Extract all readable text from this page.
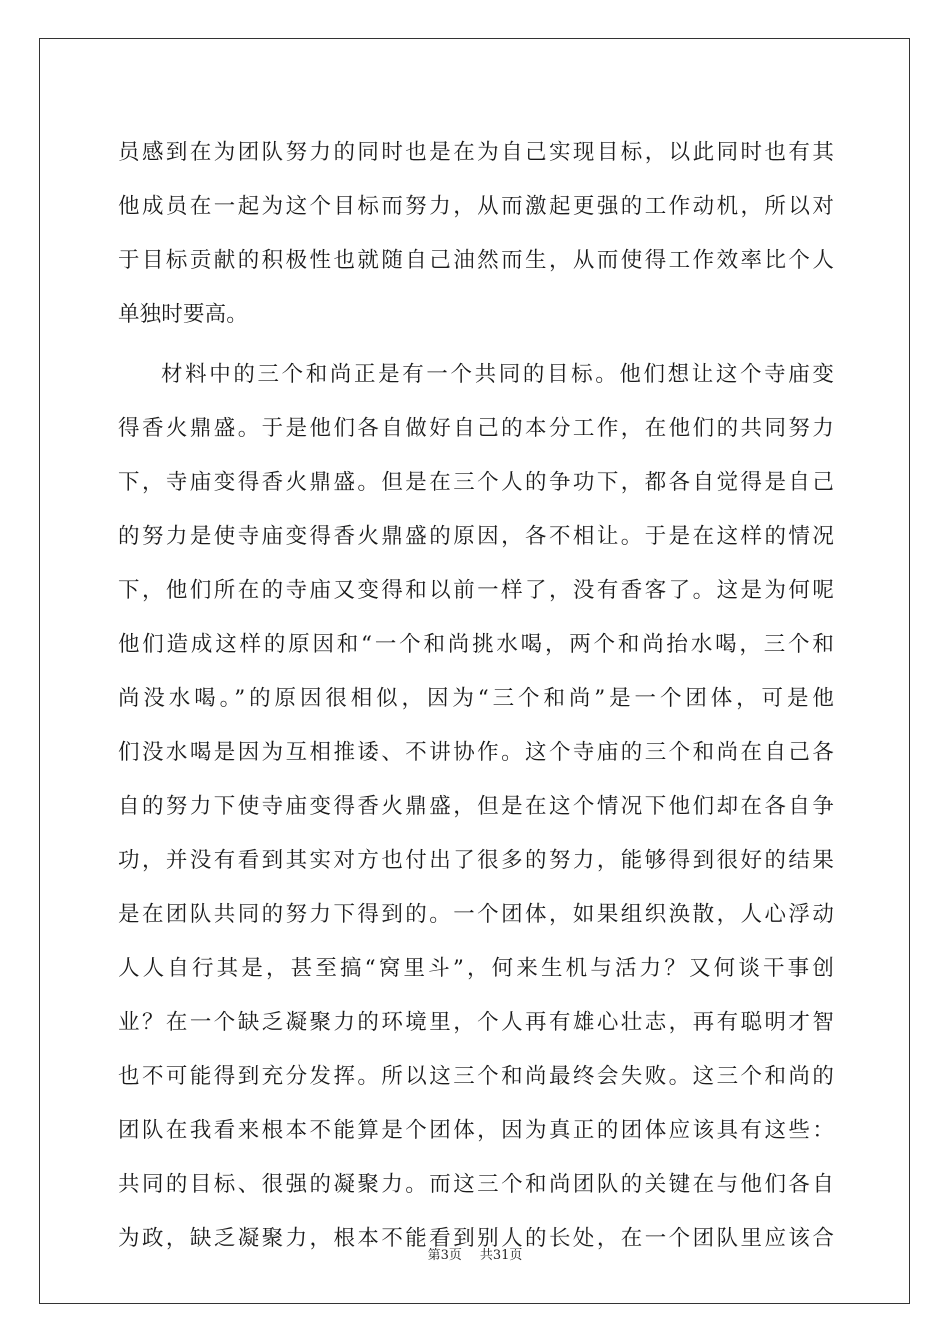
员感到在为团队努力的同时也是在为自己实现目标，以此同时也有其
他成员在一起为这个目标而努力，从而激起更强的工作动机，所以对
于目标贡献的积极性也就随自己油然而生，从而使得工作效率比个人
单独时要高。
材料中的三个和尚正是有一个共同的目标。他们想让这个寺庙变
得香火鼎盛。于是他们各自做好自己的本分工作，在他们的共同努力
下，寺庙变得香火鼎盛。但是在三个人的争功下，都各自觉得是自己
的努力是使寺庙变得香火鼎盛的原因，各不相让。于是在这样的情况
下，他们所在的寺庙又变得和以前一样了，没有香客了。这是为何呢
他们造成这样的原因和“一个和尚挑水喝，两个和尚抬水喝，三个和
尚没水喝。”的原因很相似，因为“三个和尚”是一个团体，可是他
们没水喝是因为互相推诿、不讲协作。这个寺庙的三个和尚在自己各
自的努力下使寺庙变得香火鼎盛，但是在这个情况下他们却在各自争
功，并没有看到其实对方也付出了很多的努力，能够得到很好的结果
是在团队共同的努力下得到的。一个团体，如果组织涣散，人心浮动
人人自行其是，甚至搞“窝里斗”，何来生机与活力？又何谈干事创
业？在一个缺乏凝聚力的环境里，个人再有雄心壮志，再有聪明才智
也不可能得到充分发挥。所以这三个和尚最终会失败。这三个和尚的
团队在我看来根本不能算是个团体，因为真正的团体应该具有这些：
共同的目标、很强的凝聚力。而这三个和尚团队的关键在与他们各自
为政，缺乏凝聚力，根本不能看到别人的长处，在一个团队里应该合
第3页 共31页
